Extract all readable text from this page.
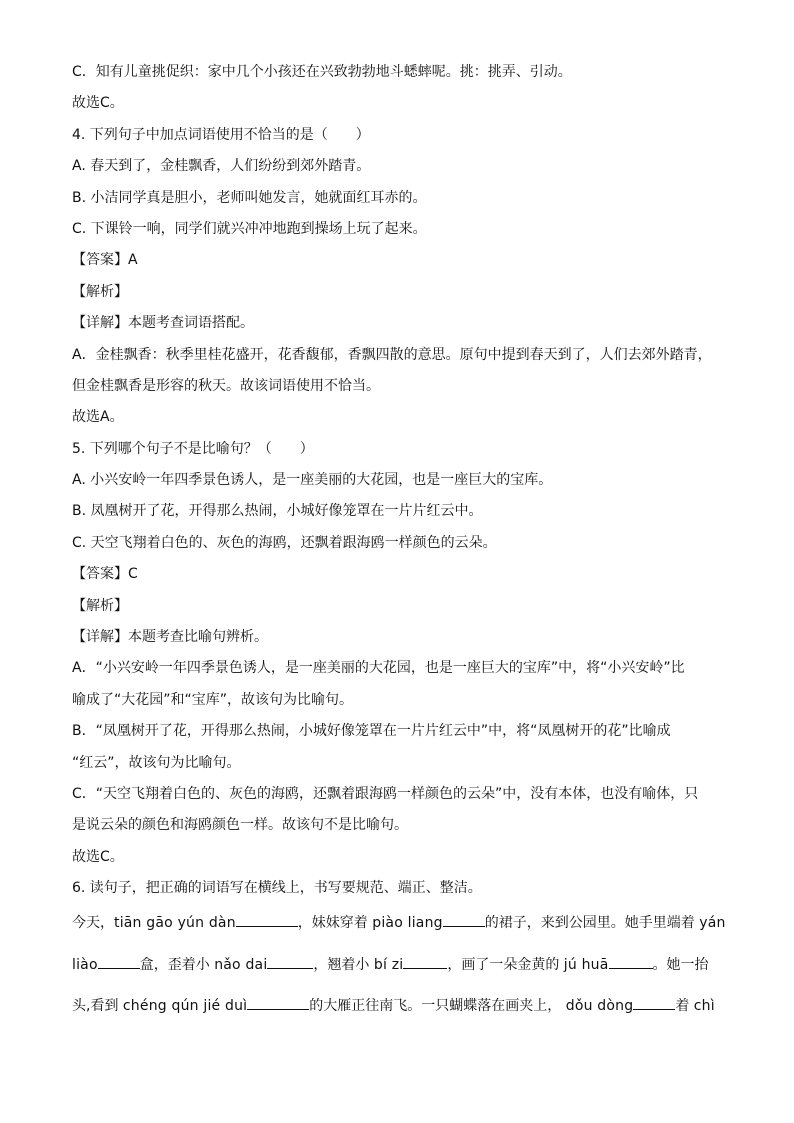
C．知有儿童挑促织：家中几个小孩还在兴致勃勃地斗蟋蟀呢。挑：挑弄、引动。
故选C。
4. 下列句子中加点词语使用不恰当的是（　　）
A. 春天到了，金桂飘香，人们纷纷到郊外踏青。
B. 小洁同学真是胆小，老师叫她发言，她就面红耳赤的。
C. 下课铃一响，同学们就兴冲冲地跑到操场上玩了起来。
【答案】A
【解析】
【详解】本题考查词语搭配。
A．金桂飘香：秋季里桂花盛开，花香馥郁，香飘四散的意思。原句中提到春天到了，人们去郊外踏青，
但金桂飘香是形容的秋天。故该词语使用不恰当。
故选A。
5. 下列哪个句子不是比喻句？（　　）
A. 小兴安岭一年四季景色诱人，是一座美丽的大花园，也是一座巨大的宝库。
B. 凤凰树开了花，开得那么热闹，小城好像笼罩在一片片红云中。
C. 天空飞翔着白色的、灰色的海鸥，还飘着跟海鸥一样颜色的云朵。
【答案】C
【解析】
【详解】本题考查比喻句辨析。
A．“小兴安岭一年四季景色诱人，是一座美丽的大花园，也是一座巨大的宝库”中，将“小兴安岭”比
喻成了“大花园”和“宝库”，故该句为比喻句。
B．“凤凰树开了花，开得那么热闹，小城好像笼罩在一片片红云中”中，将“凤凰树开的花”比喻成
“红云”，故该句为比喻句。
C．“天空飞翔着白色的、灰色的海鸥，还飘着跟海鸥一样颜色的云朵”中，没有本体，也没有喻体，只
是说云朵的颜色和海鸥颜色一样。故该句不是比喻句。
故选C。
6. 读句子，把正确的词语写在横线上，书写要规范、端正、整洁。
今天，tiān gāo yún dàn	，妹妹穿着 piào liang	的裙子，来到公园里。她手里端着 yán
liào	盒，歪着小 nǎo dai	，翘着小 bí zi	，画了一朵金黄的 jú huā	。她一抬
头,看到 chéng qún jié duì	的大雁正往南飞。一只蝴蝶落在画夹上， dǒu dòng	着 chì
